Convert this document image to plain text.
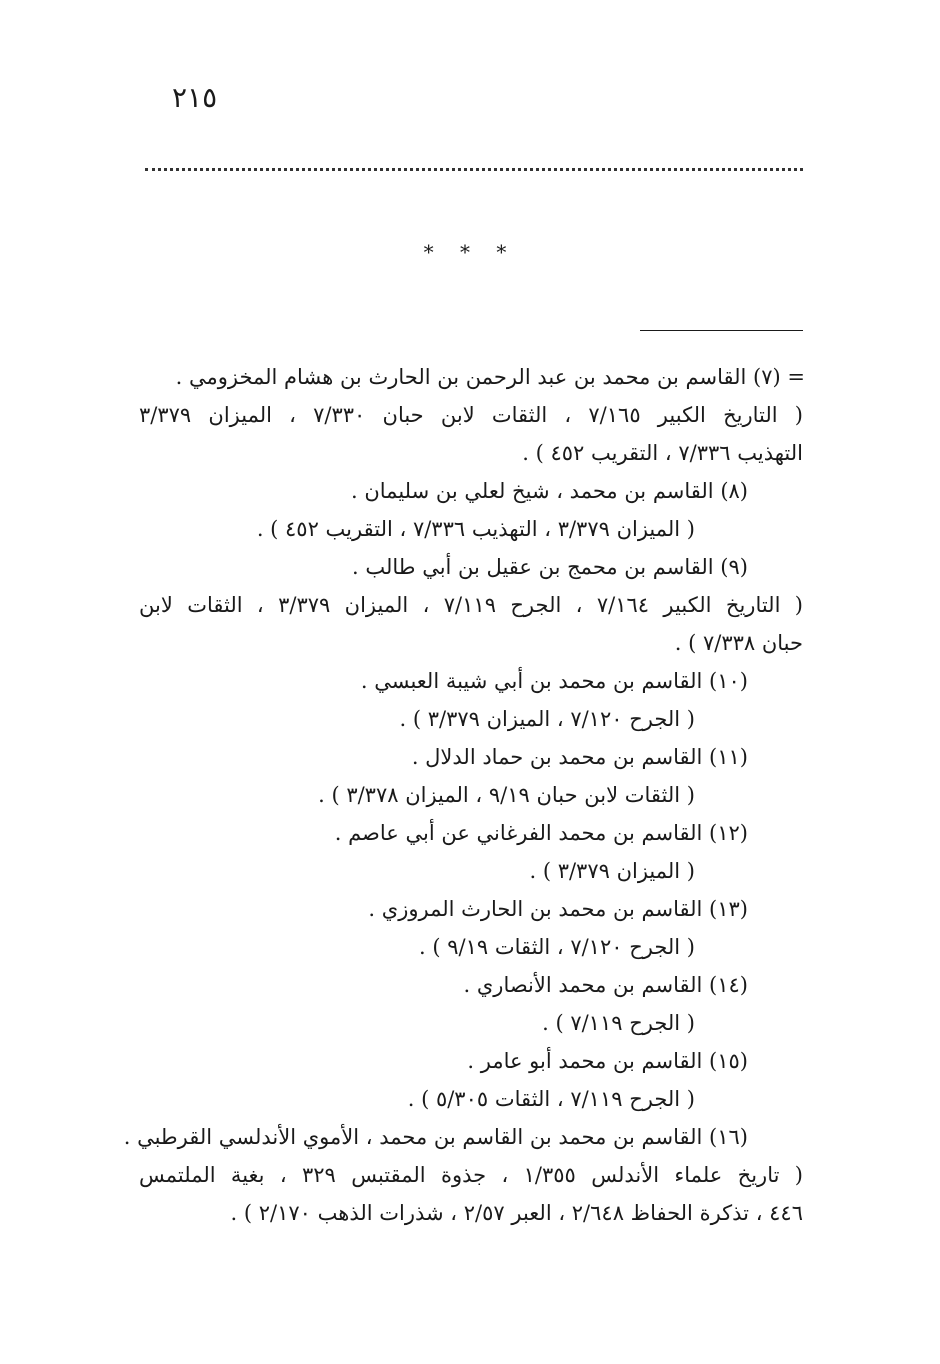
٢١٥
* * *
= (٧) القاسم بن محمد بن عبد الرحمن بن الحارث بن هشام المخزومي .
( التاريخ الكبير ٧/١٦٥ ، الثقات لابن حبان ٧/٣٣٠ ، الميزان ٣/٣٧٩
التهذيب ٧/٣٣٦ ، التقريب ٤٥٢ ) .
(٨) القاسم بن محمد ، شيخ لعلي بن سليمان .
( الميزان ٣/٣٧٩ ، التهذيب ٧/٣٣٦ ، التقريب ٤٥٢ ) .
(٩) القاسم بن محمج بن عقيل بن أبي طالب .
( التاريخ الكبير ٧/١٦٤ ، الجرح ٧/١١٩ ، الميزان ٣/٣٧٩ ، الثقات لابن
حبان ٧/٣٣٨ ) .
(١٠) القاسم بن محمد بن أبي شيبة العبسي .
( الجرح ٧/١٢٠ ، الميزان ٣/٣٧٩ ) .
(١١) القاسم بن محمد بن حماد الدلال .
( الثقات لابن حبان ٩/١٩ ، الميزان ٣/٣٧٨ ) .
(١٢) القاسم بن محمد الفرغاني عن أبي عاصم .
( الميزان ٣/٣٧٩ ) .
(١٣) القاسم بن محمد بن الحارث المروزي .
( الجرح ٧/١٢٠ ، الثقات ٩/١٩ ) .
(١٤) القاسم بن محمد الأنصاري .
( الجرح ٧/١١٩ ) .
(١٥) القاسم بن محمد أبو عامر .
( الجرح ٧/١١٩ ، الثقات ٥/٣٠٥ ) .
(١٦) القاسم بن محمد بن القاسم بن محمد ، الأموي الأندلسي القرطبي .
( تاريخ علماء الأندلس ١/٣٥٥ ، جذوة المقتبس ٣٢٩ ، بغية الملتمس
٤٤٦ ، تذكرة الحفاظ ٢/٦٤٨ ، العبر ٢/٥٧ ، شذرات الذهب ٢/١٧٠ ) .
